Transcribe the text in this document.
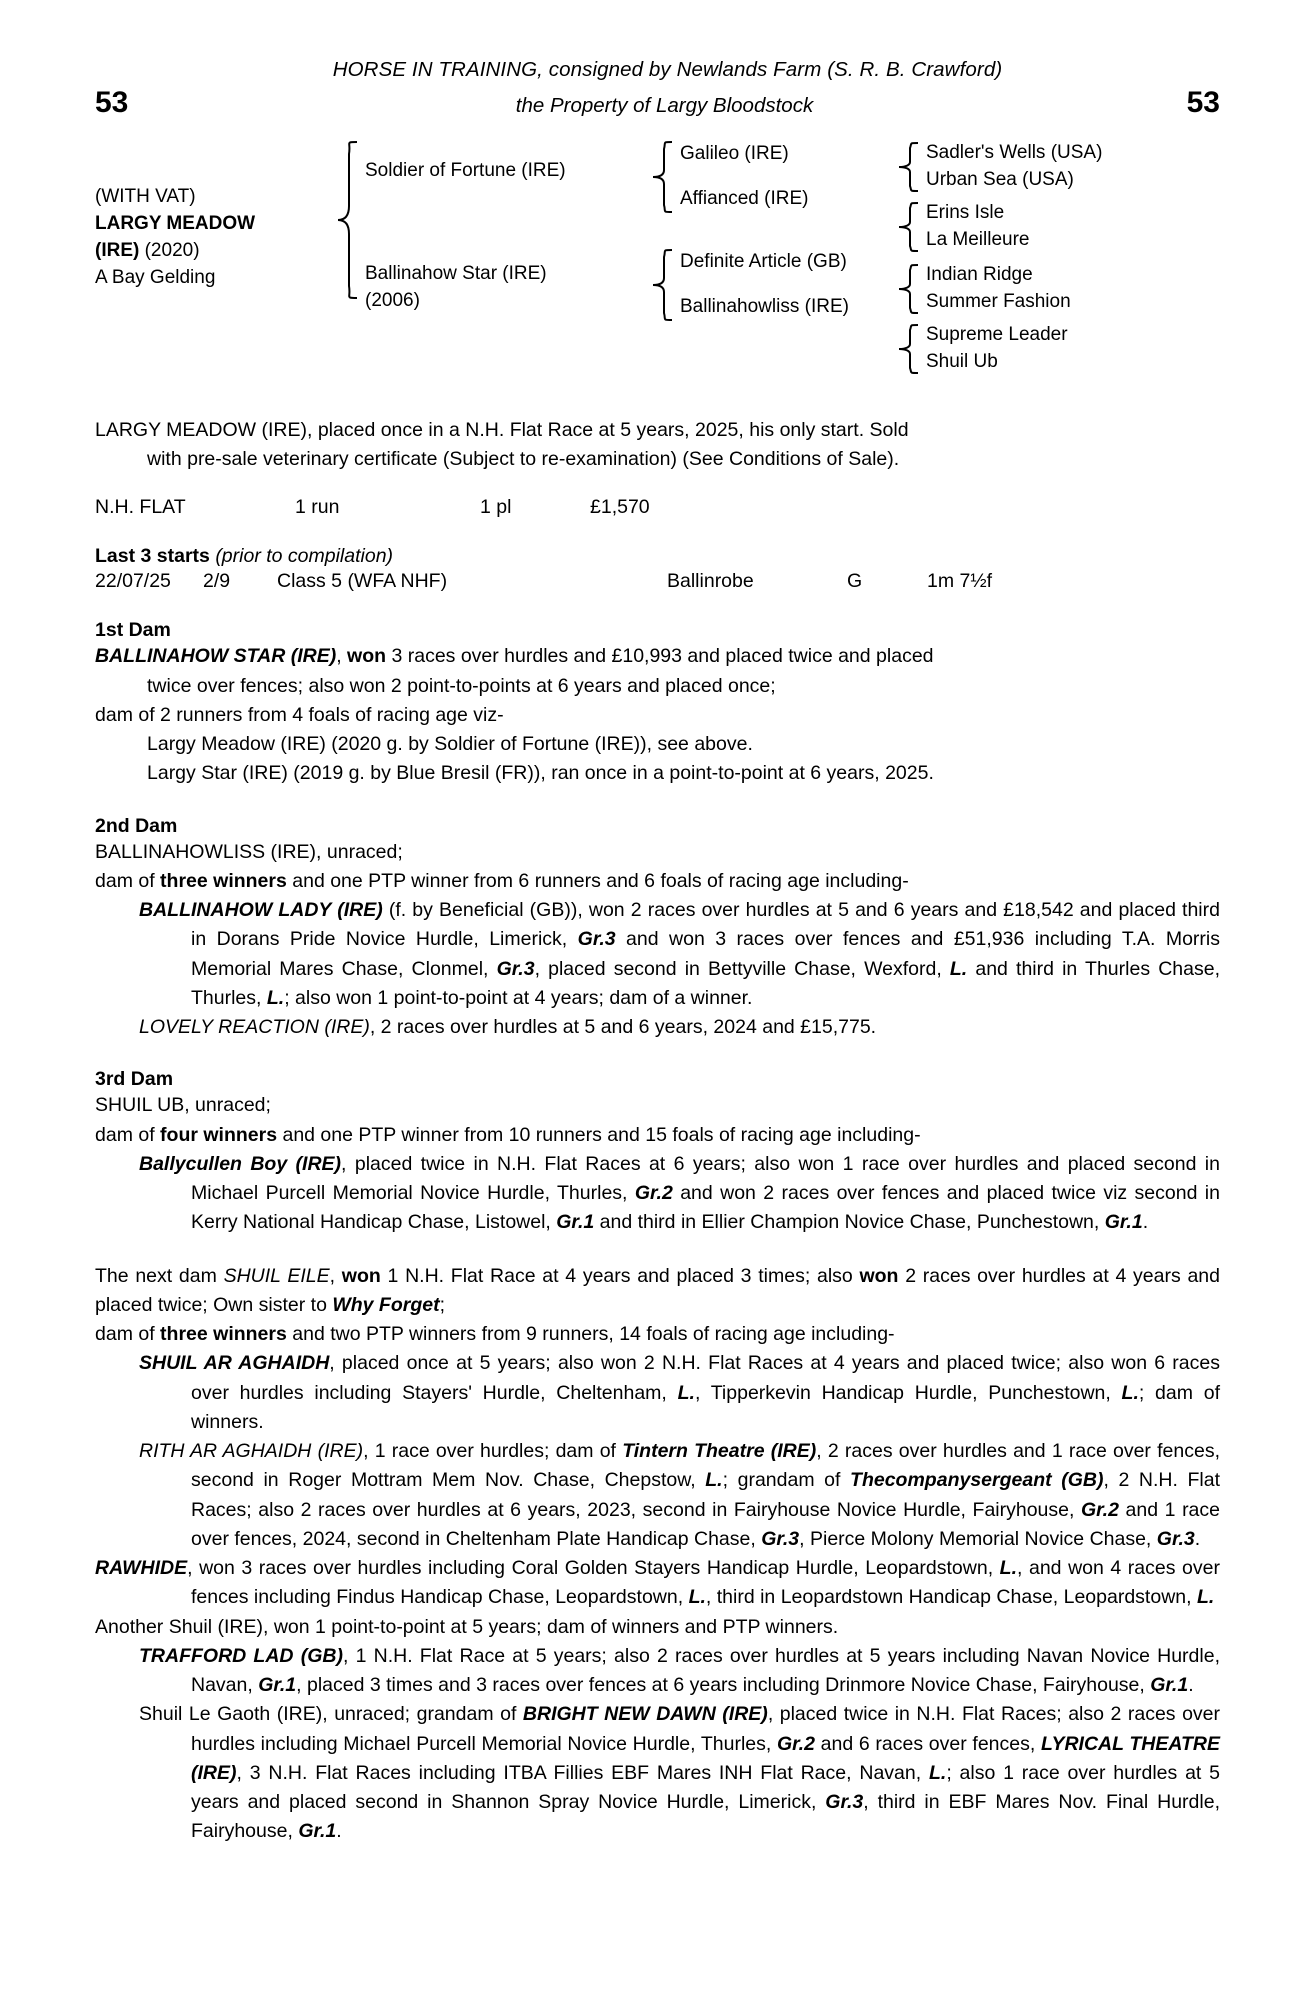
HORSE IN TRAINING, consigned by Newlands Farm (S. R. B. Crawford)
53	the Property of Largy Bloodstock	53
(WITH VAT)
LARGY MEADOW
(IRE) (2020)
A Bay Gelding
Soldier of Fortune (IRE)
Ballinahow Star (IRE)
(2006)
Galileo (IRE)
Affianced (IRE)
Definite Article (GB)
Ballinahowliss (IRE)
Sadler's Wells (USA)
Urban Sea (USA)
Erins Isle
La Meilleure
Indian Ridge
Summer Fashion
Supreme Leader
Shuil Ub
LARGY MEADOW (IRE), placed once in a N.H. Flat Race at 5 years, 2025, his only start. Sold
with pre-sale veterinary certificate (Subject to re-examination) (See Conditions of Sale).
N.H. FLAT	1 run	1 pl	£1,570
Last 3 starts (prior to compilation)
22/07/25	2/9	Class 5 (WFA NHF)	Ballinrobe	G	1m 7½f
1st Dam
BALLINAHOW STAR (IRE), won 3 races over hurdles and £10,993 and placed twice and placed
twice over fences; also won 2 point-to-points at 6 years and placed once;
dam of 2 runners from 4 foals of racing age viz-
Largy Meadow (IRE) (2020 g. by Soldier of Fortune (IRE)), see above.
Largy Star (IRE) (2019 g. by Blue Bresil (FR)), ran once in a point-to-point at 6 years, 2025.
2nd Dam
BALLINAHOWLISS (IRE), unraced;
dam of three winners and one PTP winner from 6 runners and 6 foals of racing age including-
BALLINAHOW LADY (IRE) (f. by Beneficial (GB)), won 2 races over hurdles at 5 and 6 years and £18,542 and placed third in Dorans Pride Novice Hurdle, Limerick, Gr.3 and won 3 races over fences and £51,936 including T.A. Morris Memorial Mares Chase, Clonmel, Gr.3, placed second in Bettyville Chase, Wexford, L. and third in Thurles Chase, Thurles, L.; also won 1 point-to-point at 4 years; dam of a winner.
LOVELY REACTION (IRE), 2 races over hurdles at 5 and 6 years, 2024 and £15,775.
3rd Dam
SHUIL UB, unraced;
dam of four winners and one PTP winner from 10 runners and 15 foals of racing age including-
Ballycullen Boy (IRE), placed twice in N.H. Flat Races at 6 years; also won 1 race over hurdles and placed second in Michael Purcell Memorial Novice Hurdle, Thurles, Gr.2 and won 2 races over fences and placed twice viz second in Kerry National Handicap Chase, Listowel, Gr.1 and third in Ellier Champion Novice Chase, Punchestown, Gr.1.
The next dam SHUIL EILE, won 1 N.H. Flat Race at 4 years and placed 3 times; also won 2 races over hurdles at 4 years and placed twice; Own sister to Why Forget;
dam of three winners and two PTP winners from 9 runners, 14 foals of racing age including-
SHUIL AR AGHAIDH, placed once at 5 years; also won 2 N.H. Flat Races at 4 years and placed twice; also won 6 races over hurdles including Stayers' Hurdle, Cheltenham, L., Tipperkevin Handicap Hurdle, Punchestown, L.; dam of winners.
RITH AR AGHAIDH (IRE), 1 race over hurdles; dam of Tintern Theatre (IRE), 2 races over hurdles and 1 race over fences, second in Roger Mottram Mem Nov. Chase, Chepstow, L.; grandam of Thecompanysergeant (GB), 2 N.H. Flat Races; also 2 races over hurdles at 6 years, 2023, second in Fairyhouse Novice Hurdle, Fairyhouse, Gr.2 and 1 race over fences, 2024, second in Cheltenham Plate Handicap Chase, Gr.3, Pierce Molony Memorial Novice Chase, Gr.3.
RAWHIDE, won 3 races over hurdles including Coral Golden Stayers Handicap Hurdle, Leopardstown, L., and won 4 races over fences including Findus Handicap Chase, Leopardstown, L., third in Leopardstown Handicap Chase, Leopardstown, L.
Another Shuil (IRE), won 1 point-to-point at 5 years; dam of winners and PTP winners.
TRAFFORD LAD (GB), 1 N.H. Flat Race at 5 years; also 2 races over hurdles at 5 years including Navan Novice Hurdle, Navan, Gr.1, placed 3 times and 3 races over fences at 6 years including Drinmore Novice Chase, Fairyhouse, Gr.1.
Shuil Le Gaoth (IRE), unraced; grandam of BRIGHT NEW DAWN (IRE), placed twice in N.H. Flat Races; also 2 races over hurdles including Michael Purcell Memorial Novice Hurdle, Thurles, Gr.2 and 6 races over fences, LYRICAL THEATRE (IRE), 3 N.H. Flat Races including ITBA Fillies EBF Mares INH Flat Race, Navan, L.; also 1 race over hurdles at 5 years and placed second in Shannon Spray Novice Hurdle, Limerick, Gr.3, third in EBF Mares Nov. Final Hurdle, Fairyhouse, Gr.1.
